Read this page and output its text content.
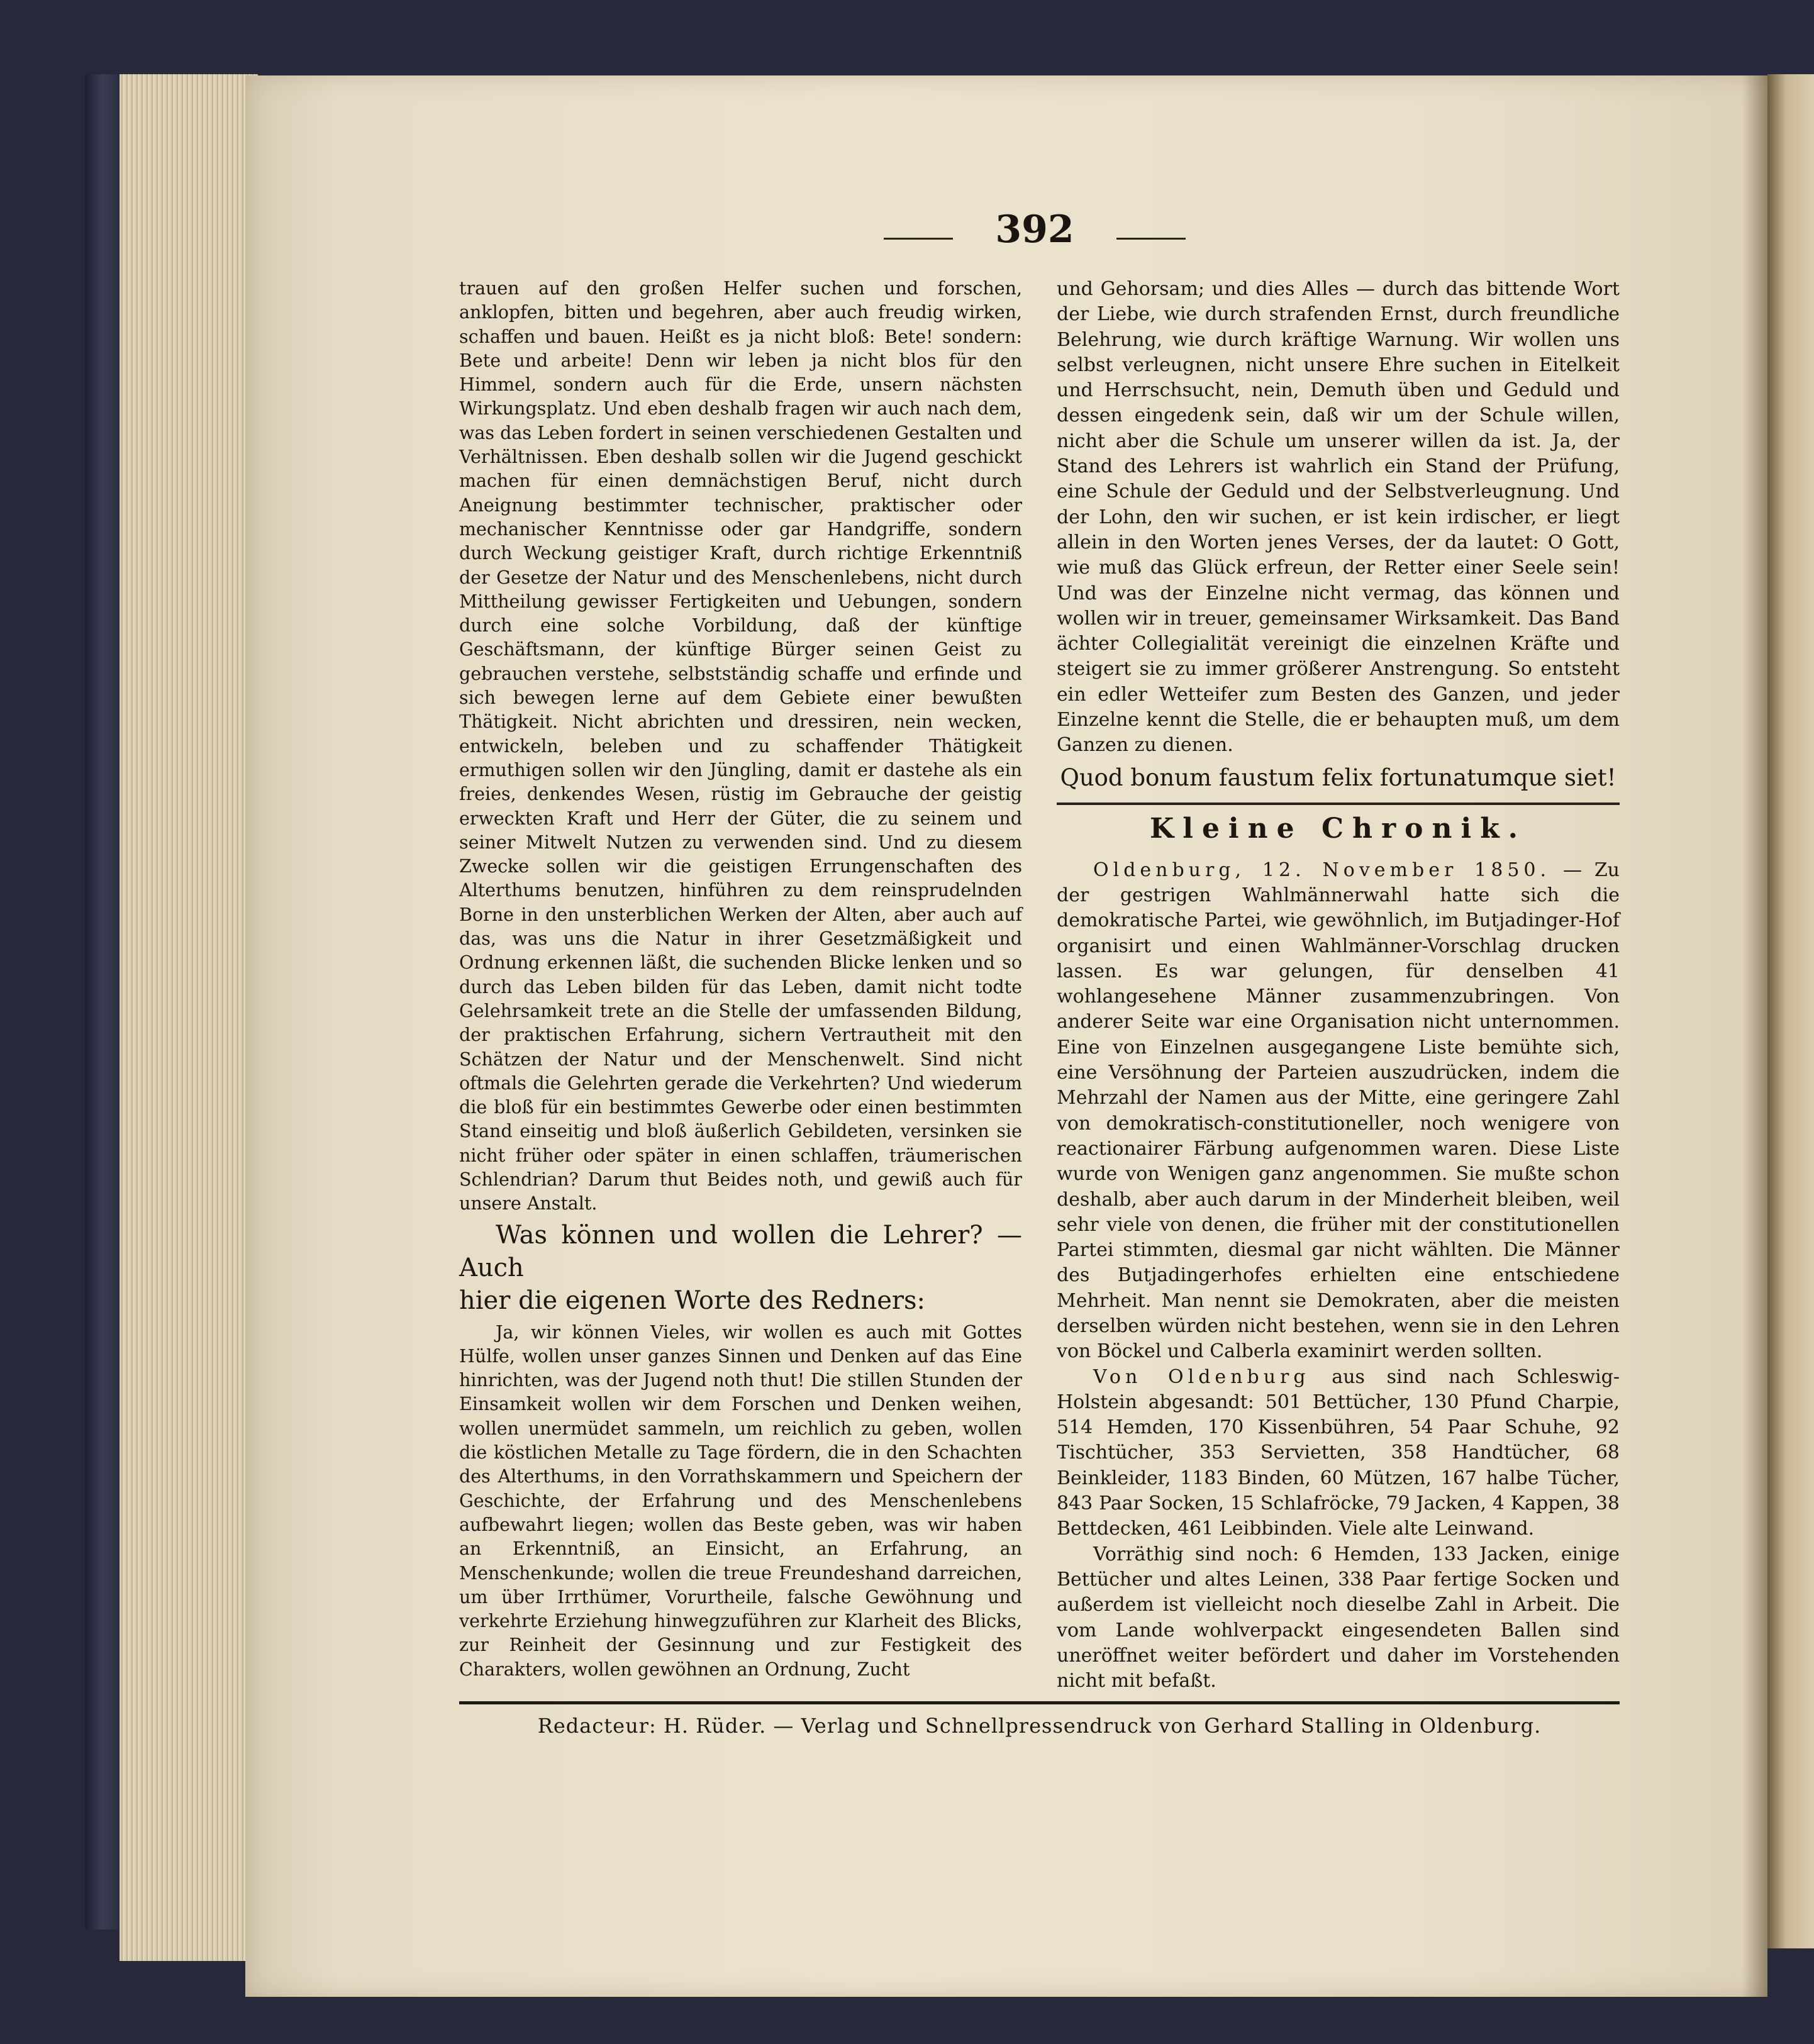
392

trauen auf den großen Helfer suchen und forschen, anklopfen, bitten und begehren, aber auch freudig wirken, schaffen und bauen. Heißt es ja nicht bloß: Bete! sondern: Bete und arbeite! Denn wir leben ja nicht blos für den Himmel, sondern auch für die Erde, unsern nächsten Wirkungsplatz. Und eben deshalb fragen wir auch nach dem, was das Leben fordert in seinen verschiedenen Gestalten und Verhältnissen. Eben deshalb sollen wir die Jugend geschickt machen für einen demnächstigen Beruf, nicht durch Aneignung bestimmter technischer, praktischer oder mechanischer Kenntnisse oder gar Handgriffe, sondern durch Weckung geistiger Kraft, durch richtige Erkenntniß der Gesetze der Natur und des Menschenlebens, nicht durch Mittheilung gewisser Fertigkeiten und Uebungen, sondern durch eine solche Vorbildung, daß der künftige Geschäftsmann, der künftige Bürger seinen Geist zu gebrauchen verstehe, selbstständig schaffe und erfinde und sich bewegen lerne auf dem Gebiete einer bewußten Thätigkeit. Nicht abrichten und dressiren, nein wecken, entwickeln, beleben und zu schaffender Thätigkeit ermuthigen sollen wir den Jüngling, damit er dastehe als ein freies, denkendes Wesen, rüstig im Gebrauche der geistig erweckten Kraft und Herr der Güter, die zu seinem und seiner Mitwelt Nutzen zu verwenden sind. Und zu diesem Zwecke sollen wir die geistigen Errungenschaften des Alterthums benutzen, hinführen zu dem reinsprudelnden Borne in den unsterblichen Werken der Alten, aber auch auf das, was uns die Natur in ihrer Gesetzmäßigkeit und Ordnung erkennen läßt, die suchenden Blicke lenken und so durch das Leben bilden für das Leben, damit nicht todte Gelehrsamkeit trete an die Stelle der umfassenden Bildung, der praktischen Erfahrung, sichern Vertrautheit mit den Schätzen der Natur und der Menschenwelt. Sind nicht oftmals die Gelehrten gerade die Verkehrten? Und wiederum die bloß für ein bestimmtes Gewerbe oder einen bestimmten Stand einseitig und bloß äußerlich Gebildeten, versinken sie nicht früher oder später in einen schlaffen, träumerischen Schlendrian? Darum thut Beides noth, und gewiß auch für unsere Anstalt.

Was können und wollen die Lehrer? — Auch
hier die eigenen Worte des Redners:

Ja, wir können Vieles, wir wollen es auch mit Gottes Hülfe, wollen unser ganzes Sinnen und Denken auf das Eine hinrichten, was der Jugend noth thut! Die stillen Stunden der Einsamkeit wollen wir dem Forschen und Denken weihen, wollen unermüdet sammeln, um reichlich zu geben, wollen die köstlichen Metalle zu Tage fördern, die in den Schachten des Alterthums, in den Vorrathskammern und Speichern der Geschichte, der Erfahrung und des Menschenlebens aufbewahrt liegen; wollen das Beste geben, was wir haben an Erkenntniß, an Einsicht, an Erfahrung, an Menschenkunde; wollen die treue Freundeshand darreichen, um über Irrthümer, Vorurtheile, falsche Gewöhnung und verkehrte Erziehung hinwegzuführen zur Klarheit des Blicks, zur Reinheit der Gesinnung und zur Festigkeit des Charakters, wollen gewöhnen an Ordnung, Zucht

und Gehorsam; und dies Alles — durch das bittende Wort der Liebe, wie durch strafenden Ernst, durch freundliche Belehrung, wie durch kräftige Warnung. Wir wollen uns selbst verleugnen, nicht unsere Ehre suchen in Eitelkeit und Herrschsucht, nein, Demuth üben und Geduld und dessen eingedenk sein, daß wir um der Schule willen, nicht aber die Schule um unserer willen da ist. Ja, der Stand des Lehrers ist wahrlich ein Stand der Prüfung, eine Schule der Geduld und der Selbstverleugnung. Und der Lohn, den wir suchen, er ist kein irdischer, er liegt allein in den Worten jenes Verses, der da lautet: O Gott, wie muß das Glück erfreun, der Retter einer Seele sein! Und was der Einzelne nicht vermag, das können und wollen wir in treuer, gemeinsamer Wirksamkeit. Das Band ächter Collegialität vereinigt die einzelnen Kräfte und steigert sie zu immer größerer Anstrengung. So entsteht ein edler Wetteifer zum Besten des Ganzen, und jeder Einzelne kennt die Stelle, die er behaupten muß, um dem Ganzen zu dienen.

Quod bonum faustum felix fortunatumque siet!

Kleine Chronik.

Oldenburg, 12. November 1850. — Zu der gestrigen Wahlmännerwahl hatte sich die demokratische Partei, wie gewöhnlich, im Butjadinger-Hof organisirt und einen Wahlmänner-Vorschlag drucken lassen. Es war gelungen, für denselben 41 wohlangesehene Männer zusammenzubringen. Von anderer Seite war eine Organisation nicht unternommen. Eine von Einzelnen ausgegangene Liste bemühte sich, eine Versöhnung der Parteien auszudrücken, indem die Mehrzahl der Namen aus der Mitte, eine geringere Zahl von demokratisch-constitutioneller, noch wenigere von reactionairer Färbung aufgenommen waren. Diese Liste wurde von Wenigen ganz angenommen. Sie mußte schon deshalb, aber auch darum in der Minderheit bleiben, weil sehr viele von denen, die früher mit der constitutionellen Partei stimmten, diesmal gar nicht wählten. Die Männer des Butjadingerhofes erhielten eine entschiedene Mehrheit. Man nennt sie Demokraten, aber die meisten derselben würden nicht bestehen, wenn sie in den Lehren von Böckel und Calberla examinirt werden sollten.

Von Oldenburg aus sind nach Schleswig-Holstein abgesandt: 501 Bettücher, 130 Pfund Charpie, 514 Hemden, 170 Kissenbühren, 54 Paar Schuhe, 92 Tischtücher, 353 Servietten, 358 Handtücher, 68 Beinkleider, 1183 Binden, 60 Mützen, 167 halbe Tücher, 843 Paar Socken, 15 Schlafröcke, 79 Jacken, 4 Kappen, 38 Bettdecken, 461 Leibbinden. Viele alte Leinwand.

Vorräthig sind noch: 6 Hemden, 133 Jacken, einige Bettücher und altes Leinen, 338 Paar fertige Socken und außerdem ist vielleicht noch dieselbe Zahl in Arbeit. Die vom Lande wohlverpackt eingesendeten Ballen sind uneröffnet weiter befördert und daher im Vorstehenden nicht mit befaßt.

Redacteur: H. Rüder. — Verlag und Schnellpressendruck von Gerhard Stalling in Oldenburg.
